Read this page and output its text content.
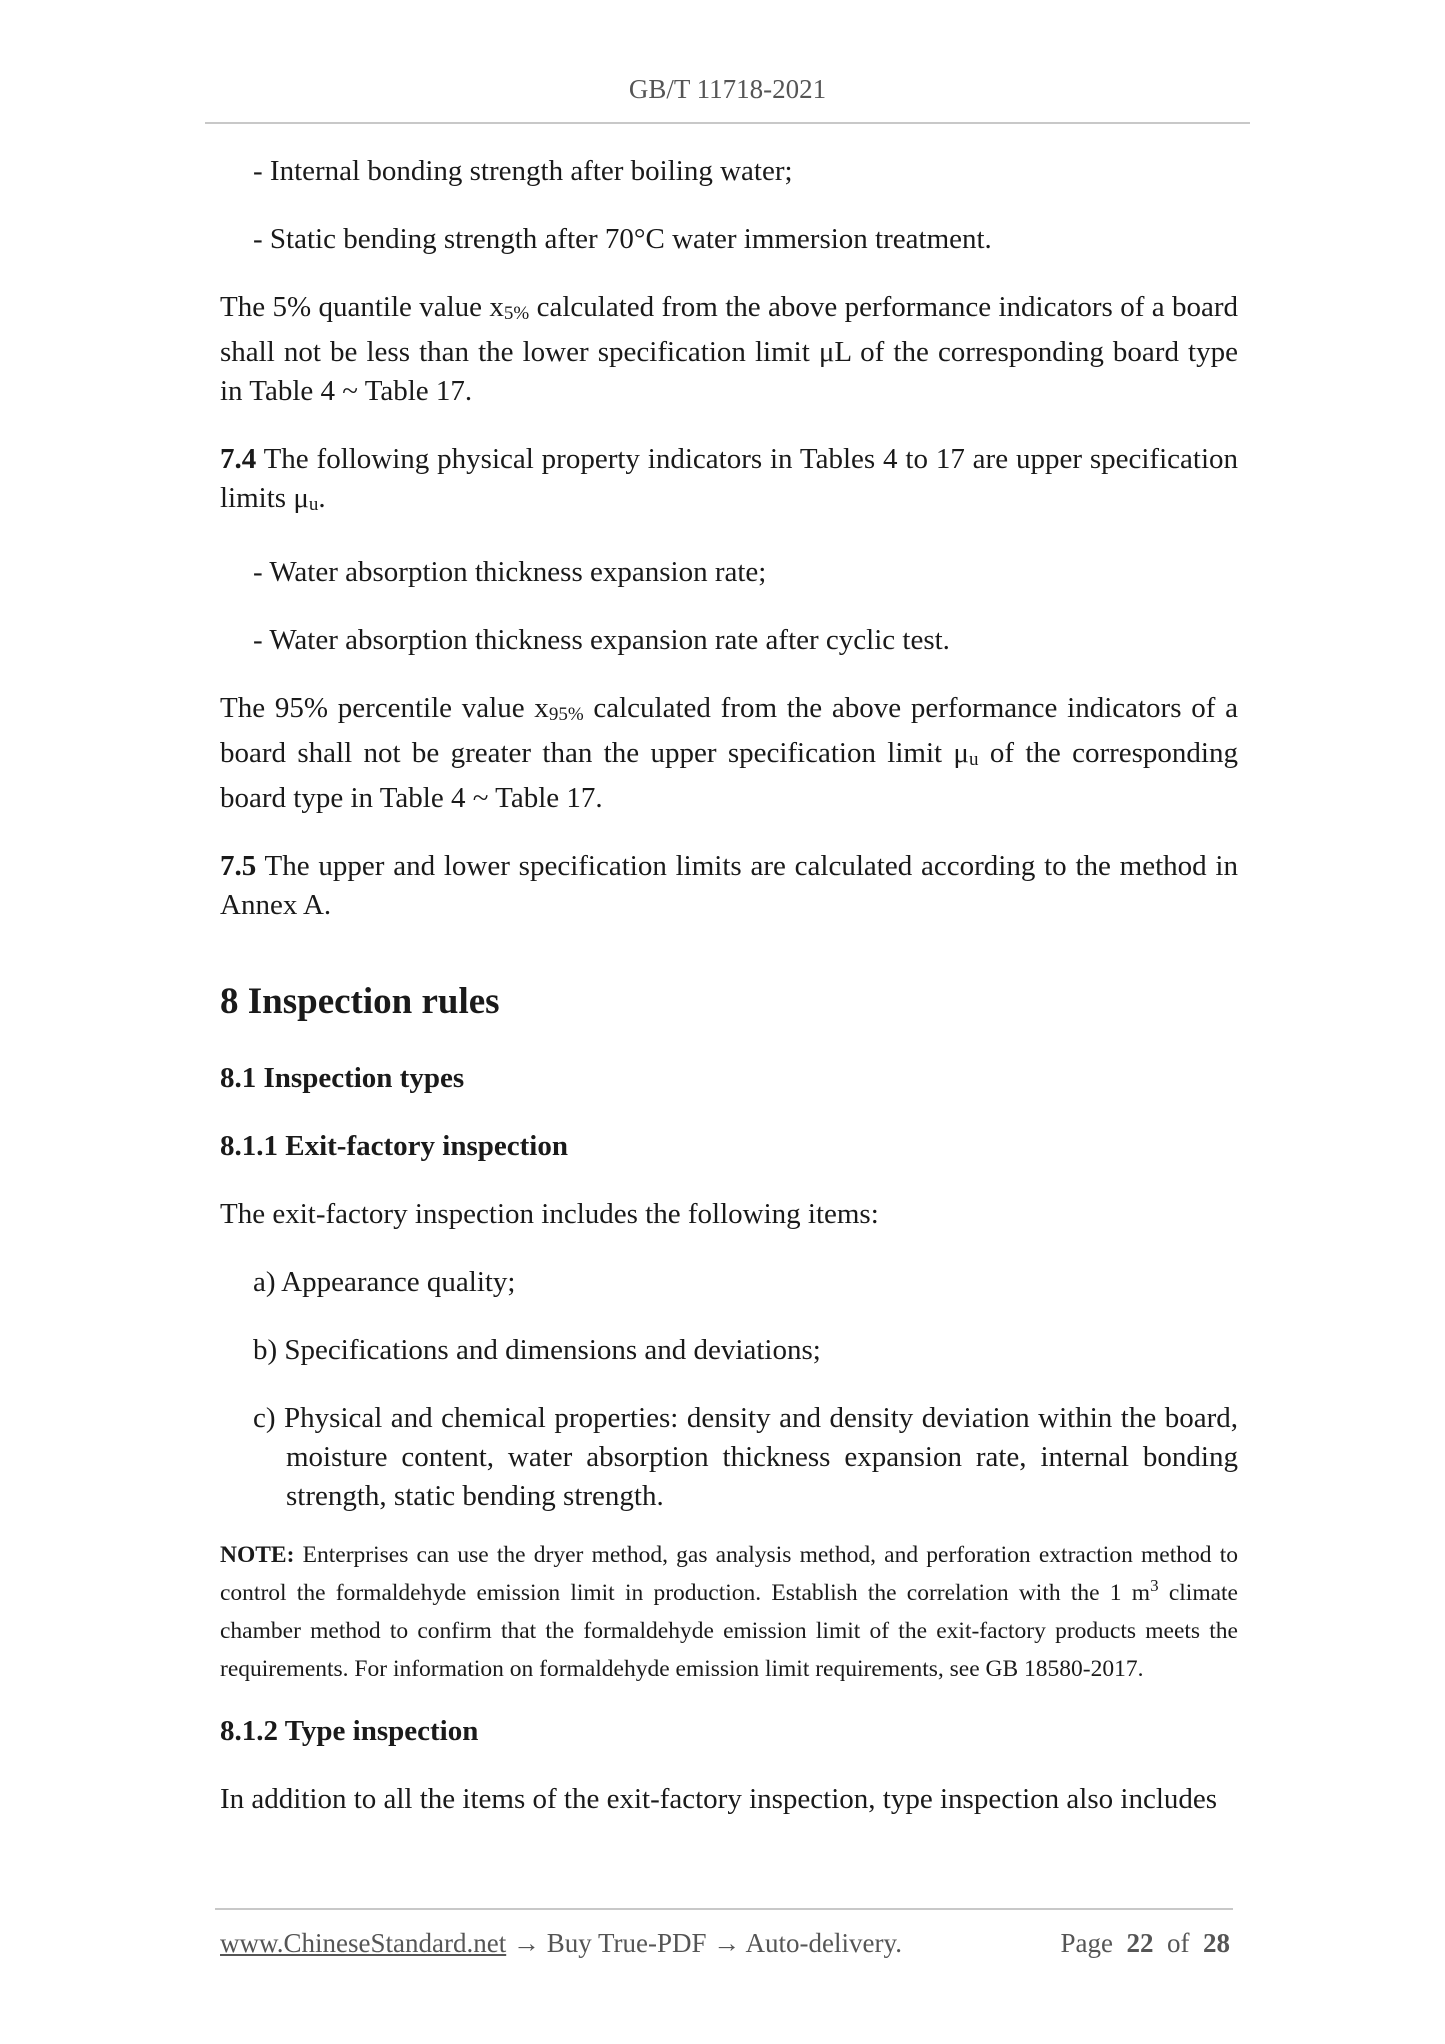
GB/T 11718-2021

- Internal bonding strength after boiling water;

- Static bending strength after 70°C water immersion treatment.

The 5% quantile value $x_{5\%}$ calculated from the above performance indicators of a board shall not be less than the lower specification limit μL of the corresponding board type in Table 4 ~ Table 17.

7.4 The following physical property indicators in Tables 4 to 17 are upper specification limits $\mu_u$.

- Water absorption thickness expansion rate;

- Water absorption thickness expansion rate after cyclic test.

The 95% percentile value $x_{95\%}$ calculated from the above performance indicators of a board shall not be greater than the upper specification limit $\mu_u$ of the corresponding board type in Table 4 ~ Table 17.

7.5 The upper and lower specification limits are calculated according to the method in Annex A.

8 Inspection rules
8.1 Inspection types
8.1.1 Exit-factory inspection

The exit-factory inspection includes the following items:

a) Appearance quality;

b) Specifications and dimensions and deviations;

c) Physical and chemical properties: density and density deviation within the board, moisture content, water absorption thickness expansion rate, internal bonding strength, static bending strength.

NOTE: Enterprises can use the dryer method, gas analysis method, and perforation extraction method to control the formaldehyde emission limit in production. Establish the correlation with the 1 $m^3$ climate chamber method to confirm that the formaldehyde emission limit of the exit-factory products meets the requirements. For information on formaldehyde emission limit requirements, see GB 18580-2017.

8.1.2 Type inspection

In addition to all the items of the exit-factory inspection, type inspection also includes

www.ChineseStandard.net → Buy True-PDF → Auto-delivery.	Page 22 of 28
